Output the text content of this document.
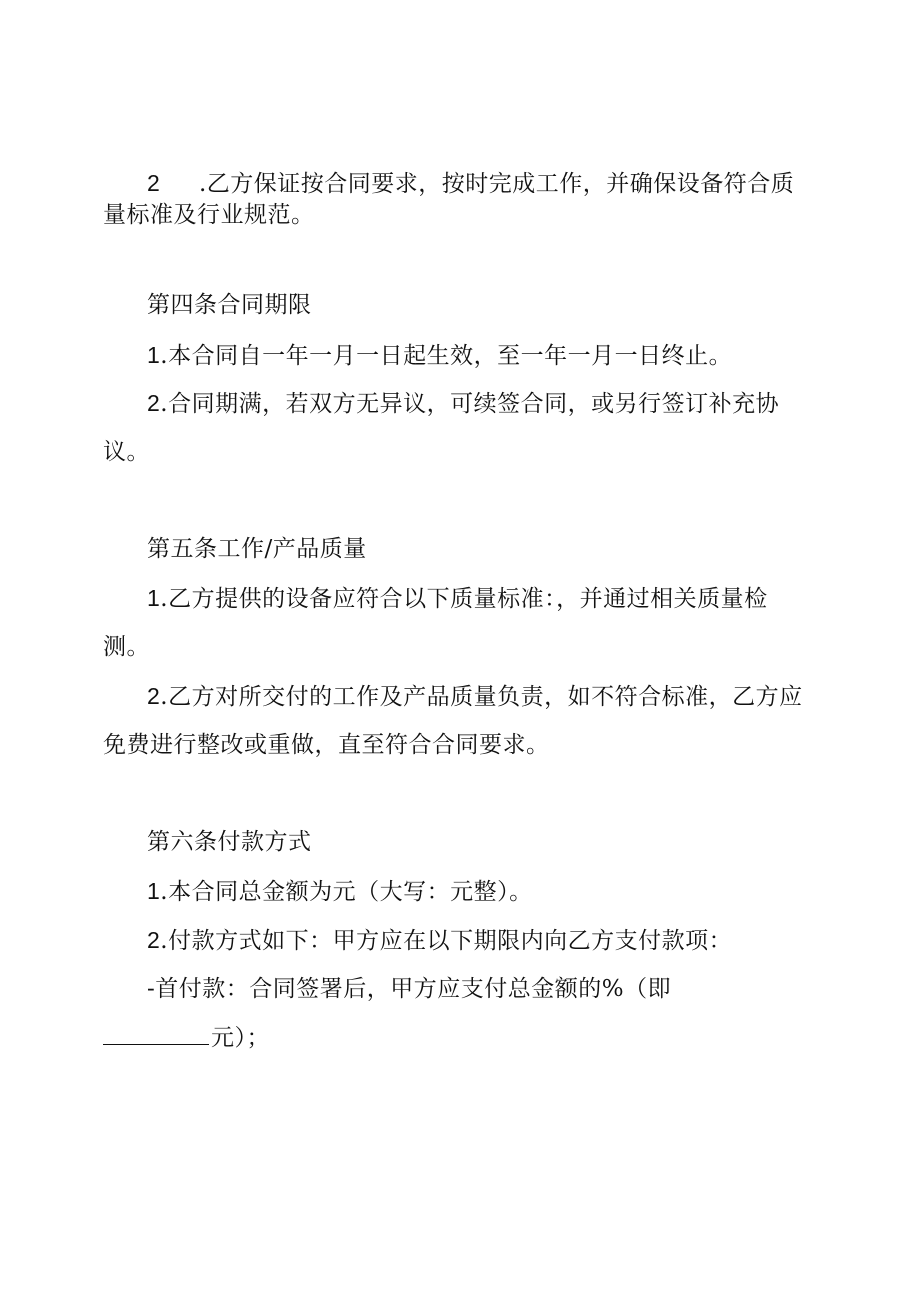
2 .乙方保证按合同要求，按时完成工作，并确保设备符合质
量标准及行业规范。
第四条合同期限
1.本合同自一年一月一日起生效，至一年一月一日终止。
2.合同期满，若双方无异议，可续签合同，或另行签订补充协
议。
第五条工作/产品质量
1.乙方提供的设备应符合以下质量标准：，并通过相关质量检
测。
2.乙方对所交付的工作及产品质量负责，如不符合标准，乙方应
免费进行整改或重做，直至符合合同要求。
第六条付款方式
1.本合同总金额为元（大写：元整）。
2.付款方式如下：甲方应在以下期限内向乙方支付款项：
-首付款：合同签署后，甲方应支付总金额的%（即
元）；
